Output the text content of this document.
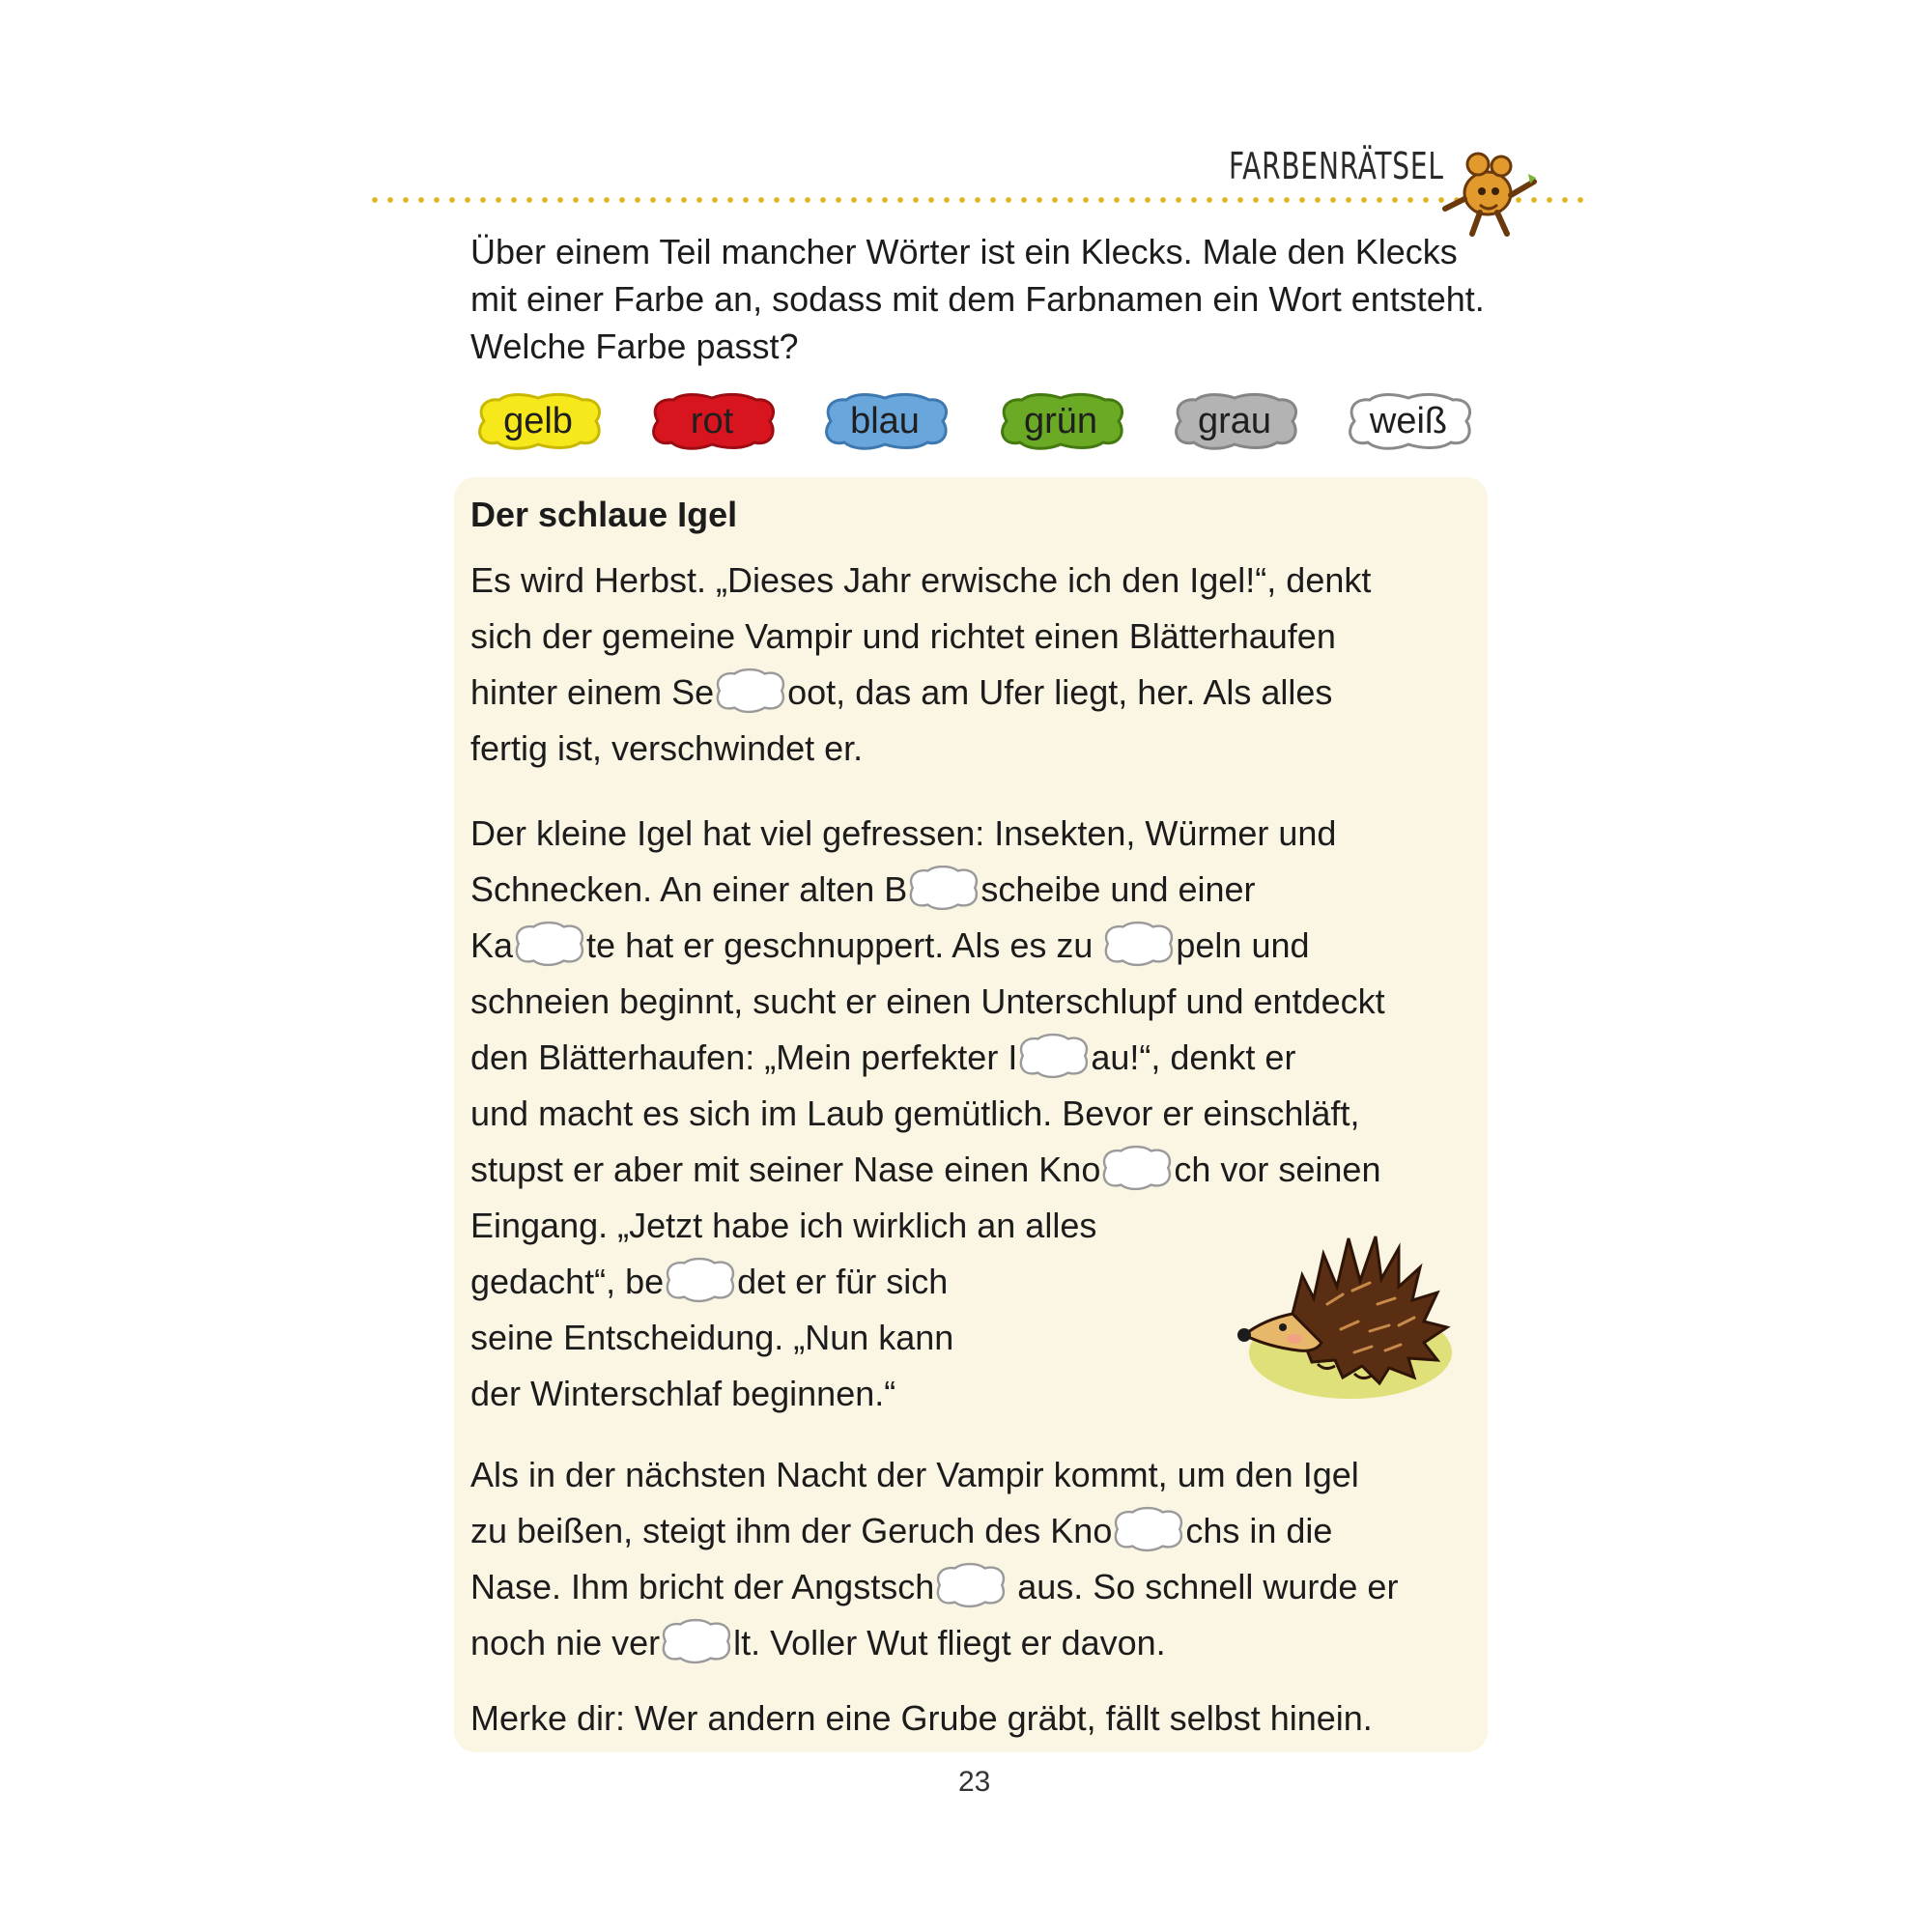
FARBENRÄTSEL
Über einem Teil mancher Wörter ist ein Klecks. Male den Klecks mit einer Farbe an, sodass mit dem Farbnamen ein Wort entsteht. Welche Farbe passt?
gelb	rot	blau	grün	grau	weiß
Der schlaue Igel

Es wird Herbst. „Dieses Jahr erwische ich den Igel!“, denkt
sich der gemeine Vampir und richtet einen Blätterhaufen
hinter einem Se oot, das am Ufer liegt, her. Als alles
fertig ist, verschwindet er.

Der kleine Igel hat viel gefressen: Insekten, Würmer und
Schnecken. An einer alten B scheibe und einer
Ka te hat er geschnuppert. Als es zu
peln und
schneien beginnt, sucht er einen Unterschlupf und entdeckt
den Blätterhaufen: „Mein perfekter I au!“, denkt er
und macht es sich im Laub gemütlich. Bevor er einschläft,
stupst er aber mit seiner Nase einen Kno ch vor seinen
Eingang. „Jetzt habe ich wirklich an alles
gedacht“, be det er für sich
seine Entscheidung. „Nun kann
der Winterschlaf beginnen.“

Als in der nächsten Nacht der Vampir kommt, um den Igel
zu beißen, steigt ihm der Geruch des Kno chs in die
Nase. Ihm bricht der Angstsch
aus. So schnell wurde er
noch nie ver lt. Voller Wut fliegt er davon.

Merke dir: Wer andern eine Grube gräbt, fällt selbst hinein.

23
